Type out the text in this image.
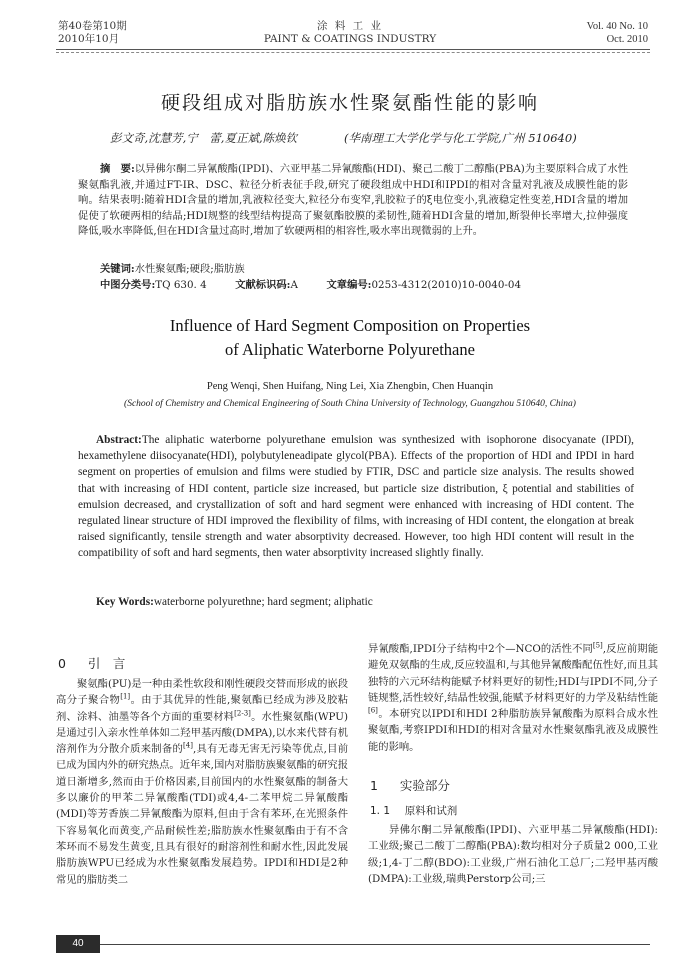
第40卷第10期
2010年10月
涂 料 工 业
PAINT & COATINGS INDUSTRY
Vol. 40 No. 10
Oct. 2010
硬段组成对脂肪族水性聚氨酯性能的影响
彭文奇,沈慧芳,宁　蕾,夏正斌,陈焕钦	(华南理工大学化学与化工学院,广州 510640)
摘　要:以异佛尔酮二异氰酸酯(IPDI)、六亚甲基二异氰酸酯(HDI)、聚己二酸丁二醇酯(PBA)为主要原料合成了水性聚氨酯乳液,并通过FT-IR、DSC、粒径分析表征手段,研究了硬段组成中HDI和IPDI的相对含量对乳液及成膜性能的影响。结果表明:随着HDI含量的增加,乳液粒径变大,粒径分布变窄,乳胶粒子的ξ电位变小,乳液稳定性变差,HDI含量的增加促使了软硬两相的结晶;HDI规整的线型结构提高了聚氨酯胶膜的柔韧性,随着HDI含量的增加,断裂伸长率增大,拉伸强度降低,吸水率降低,但在HDI含量过高时,增加了软硬两相的相容性,吸水率出现微弱的上升。
关键词:水性聚氨酯;硬段;脂肪族
中图分类号:TQ 630. 4	文献标识码:A	文章编号:0253-4312(2010)10-0040-04
Influence of Hard Segment Composition on Properties
of Aliphatic Waterborne Polyurethane
Peng Wenqi, Shen Huifang, Ning Lei, Xia Zhengbin, Chen Huanqin
(School of Chemistry and Chemical Engineering of South China University of Technology, Guangzhou 510640, China)
Abstract:The aliphatic waterborne polyurethane emulsion was synthesized with isophorone disocyanate (IPDI), hexamethylene diisocyanate(HDI), polybutyleneadipate glycol(PBA). Effects of the proportion of HDI and IPDI in hard segment on properties of emulsion and films were studied by FTIR, DSC and particle size analysis. The results showed that with increasing of HDI content, particle size increased, but particle size distribution, ξ potential and stabilities of emulsion decreased, and crystallization of soft and hard segment were enhanced with increasing of HDI content. The regulated linear structure of HDI improved the flexibility of films, with increasing of HDI content, the elongation at break raised significantly, tensile strength and water absorptivity decreased. However, too high HDI content will result in the compatibility of soft and hard segments, then water absorptivity increased slightly finally.
Key Words:waterborne polyurethne; hard segment; aliphatic
0 引　言
聚氨酯(PU)是一种由柔性软段和刚性硬段交替而形成的嵌段高分子聚合物[1]。由于其优异的性能,聚氨酯已经成为涉及胶粘剂、涂料、油墨等各个方面的重要材料[2-3]。水性聚氨酯(WPU)是通过引入亲水性单体如二羟甲基丙酸(DMPA),以水来代替有机溶剂作为分散介质来制备的[4],具有无毒无害无污染等优点,目前已成为国内外的研究热点。近年来,国内对脂肪族聚氨酯的研究报道日渐增多,然而由于价格因素,目前国内的水性聚氨酯的制备大多以廉价的甲苯二异氰酸酯(TDI)或4,4-二苯甲烷二异氰酸酯(MDI)等芳香族二异氰酸酯为原料,但由于含有苯环,在光照条件下容易氧化而黄变,产品耐候性差;脂肪族水性聚氨酯由于有不含苯环而不易发生黄变,且具有很好的耐溶剂性和耐水性,因此发展脂肪族WPU已经成为水性聚氨酯发展趋势。IPDI和HDI是2种常见的脂肪类二
异氰酸酯,IPDI分子结构中2个—NCO的活性不同[5],反应前期能避免双氨酯的生成,反应较温和,与其他异氰酸酯配伍性好,而且其独特的六元环结构能赋予材料更好的韧性;HDI与IPDI不同,分子链规整,活性较好,结晶性较强,能赋予材料更好的力学及粘结性能[6]。本研究以IPDI和HDI 2种脂肪族异氰酸酯为原料合成水性聚氨酯,考察IPDI和HDI的相对含量对水性聚氨酯乳液及成膜性能的影响。
1 实验部分
1. 1 原料和试剂
异佛尔酮二异氰酸酯(IPDI)、六亚甲基二异氰酸酯(HDI):工业级;聚己二酸丁二醇酯(PBA):数均相对分子质量2 000,工业级;1,4-丁二醇(BDO):工业级,广州石油化工总厂;二羟甲基丙酸(DMPA):工业级,瑞典Perstorp公司;三
40
